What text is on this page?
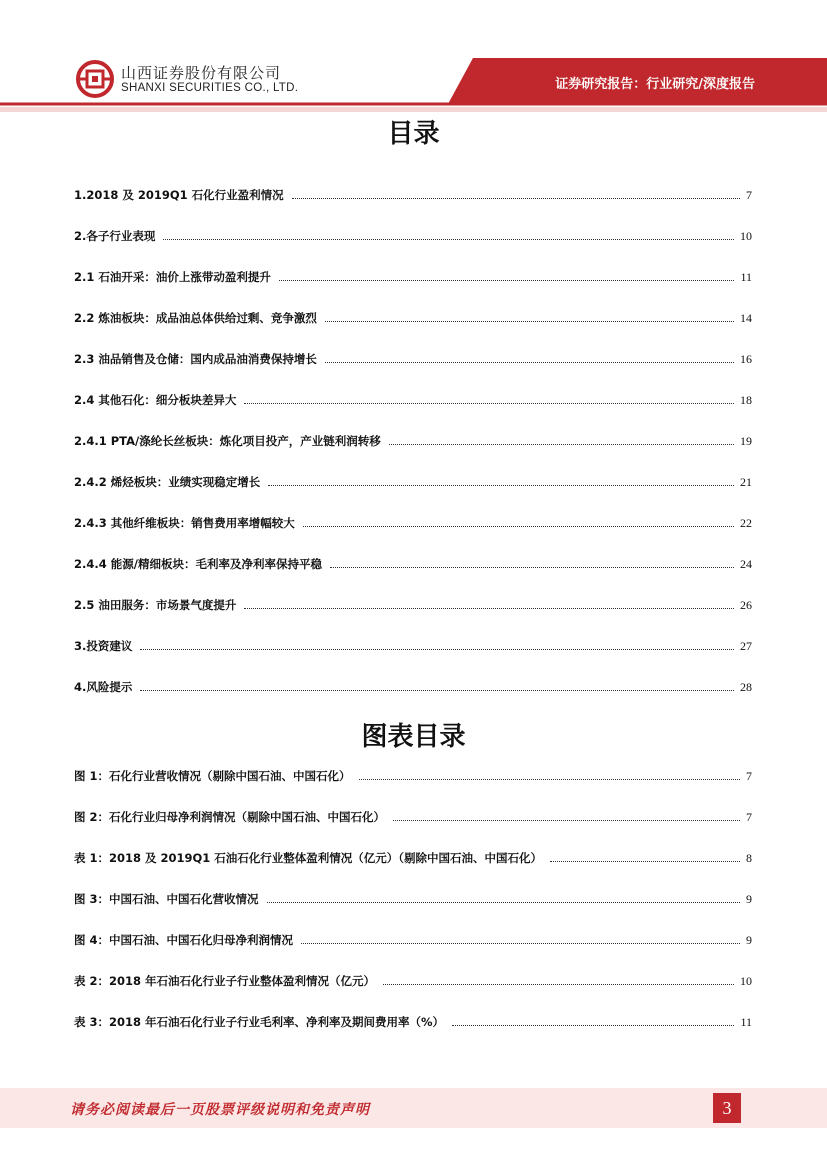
山西证券股份有限公司
SHANXI SECURITIES CO., LTD.	证券研究报告：行业研究/深度报告
目录
1.2018 及 2019Q1 石化行业盈利情况	7
2.各子行业表现	10
2.1 石油开采：油价上涨带动盈利提升	11
2.2 炼油板块：成品油总体供给过剩、竞争激烈	14
2.3 油品销售及仓储：国内成品油消费保持增长	16
2.4 其他石化：细分板块差异大	18
2.4.1 PTA/涤纶长丝板块：炼化项目投产，产业链利润转移	19
2.4.2 烯烃板块：业绩实现稳定增长	21
2.4.3 其他纤维板块：销售费用率增幅较大	22
2.4.4 能源/精细板块：毛利率及净利率保持平稳	24
2.5 油田服务：市场景气度提升	26
3.投资建议	27
4.风险提示	28
图表目录
图 1：石化行业营收情况（剔除中国石油、中国石化）	7
图 2：石化行业归母净利润情况（剔除中国石油、中国石化）	7
表 1：2018 及 2019Q1 石油石化行业整体盈利情况（亿元）（剔除中国石油、中国石化）	8
图 3：中国石油、中国石化营收情况	9
图 4：中国石油、中国石化归母净利润情况	9
表 2：2018 年石油石化行业子行业整体盈利情况（亿元）	10
表 3：2018 年石油石化行业子行业毛利率、净利率及期间费用率（%）	11
请务必阅读最后一页股票评级说明和免责声明	3
